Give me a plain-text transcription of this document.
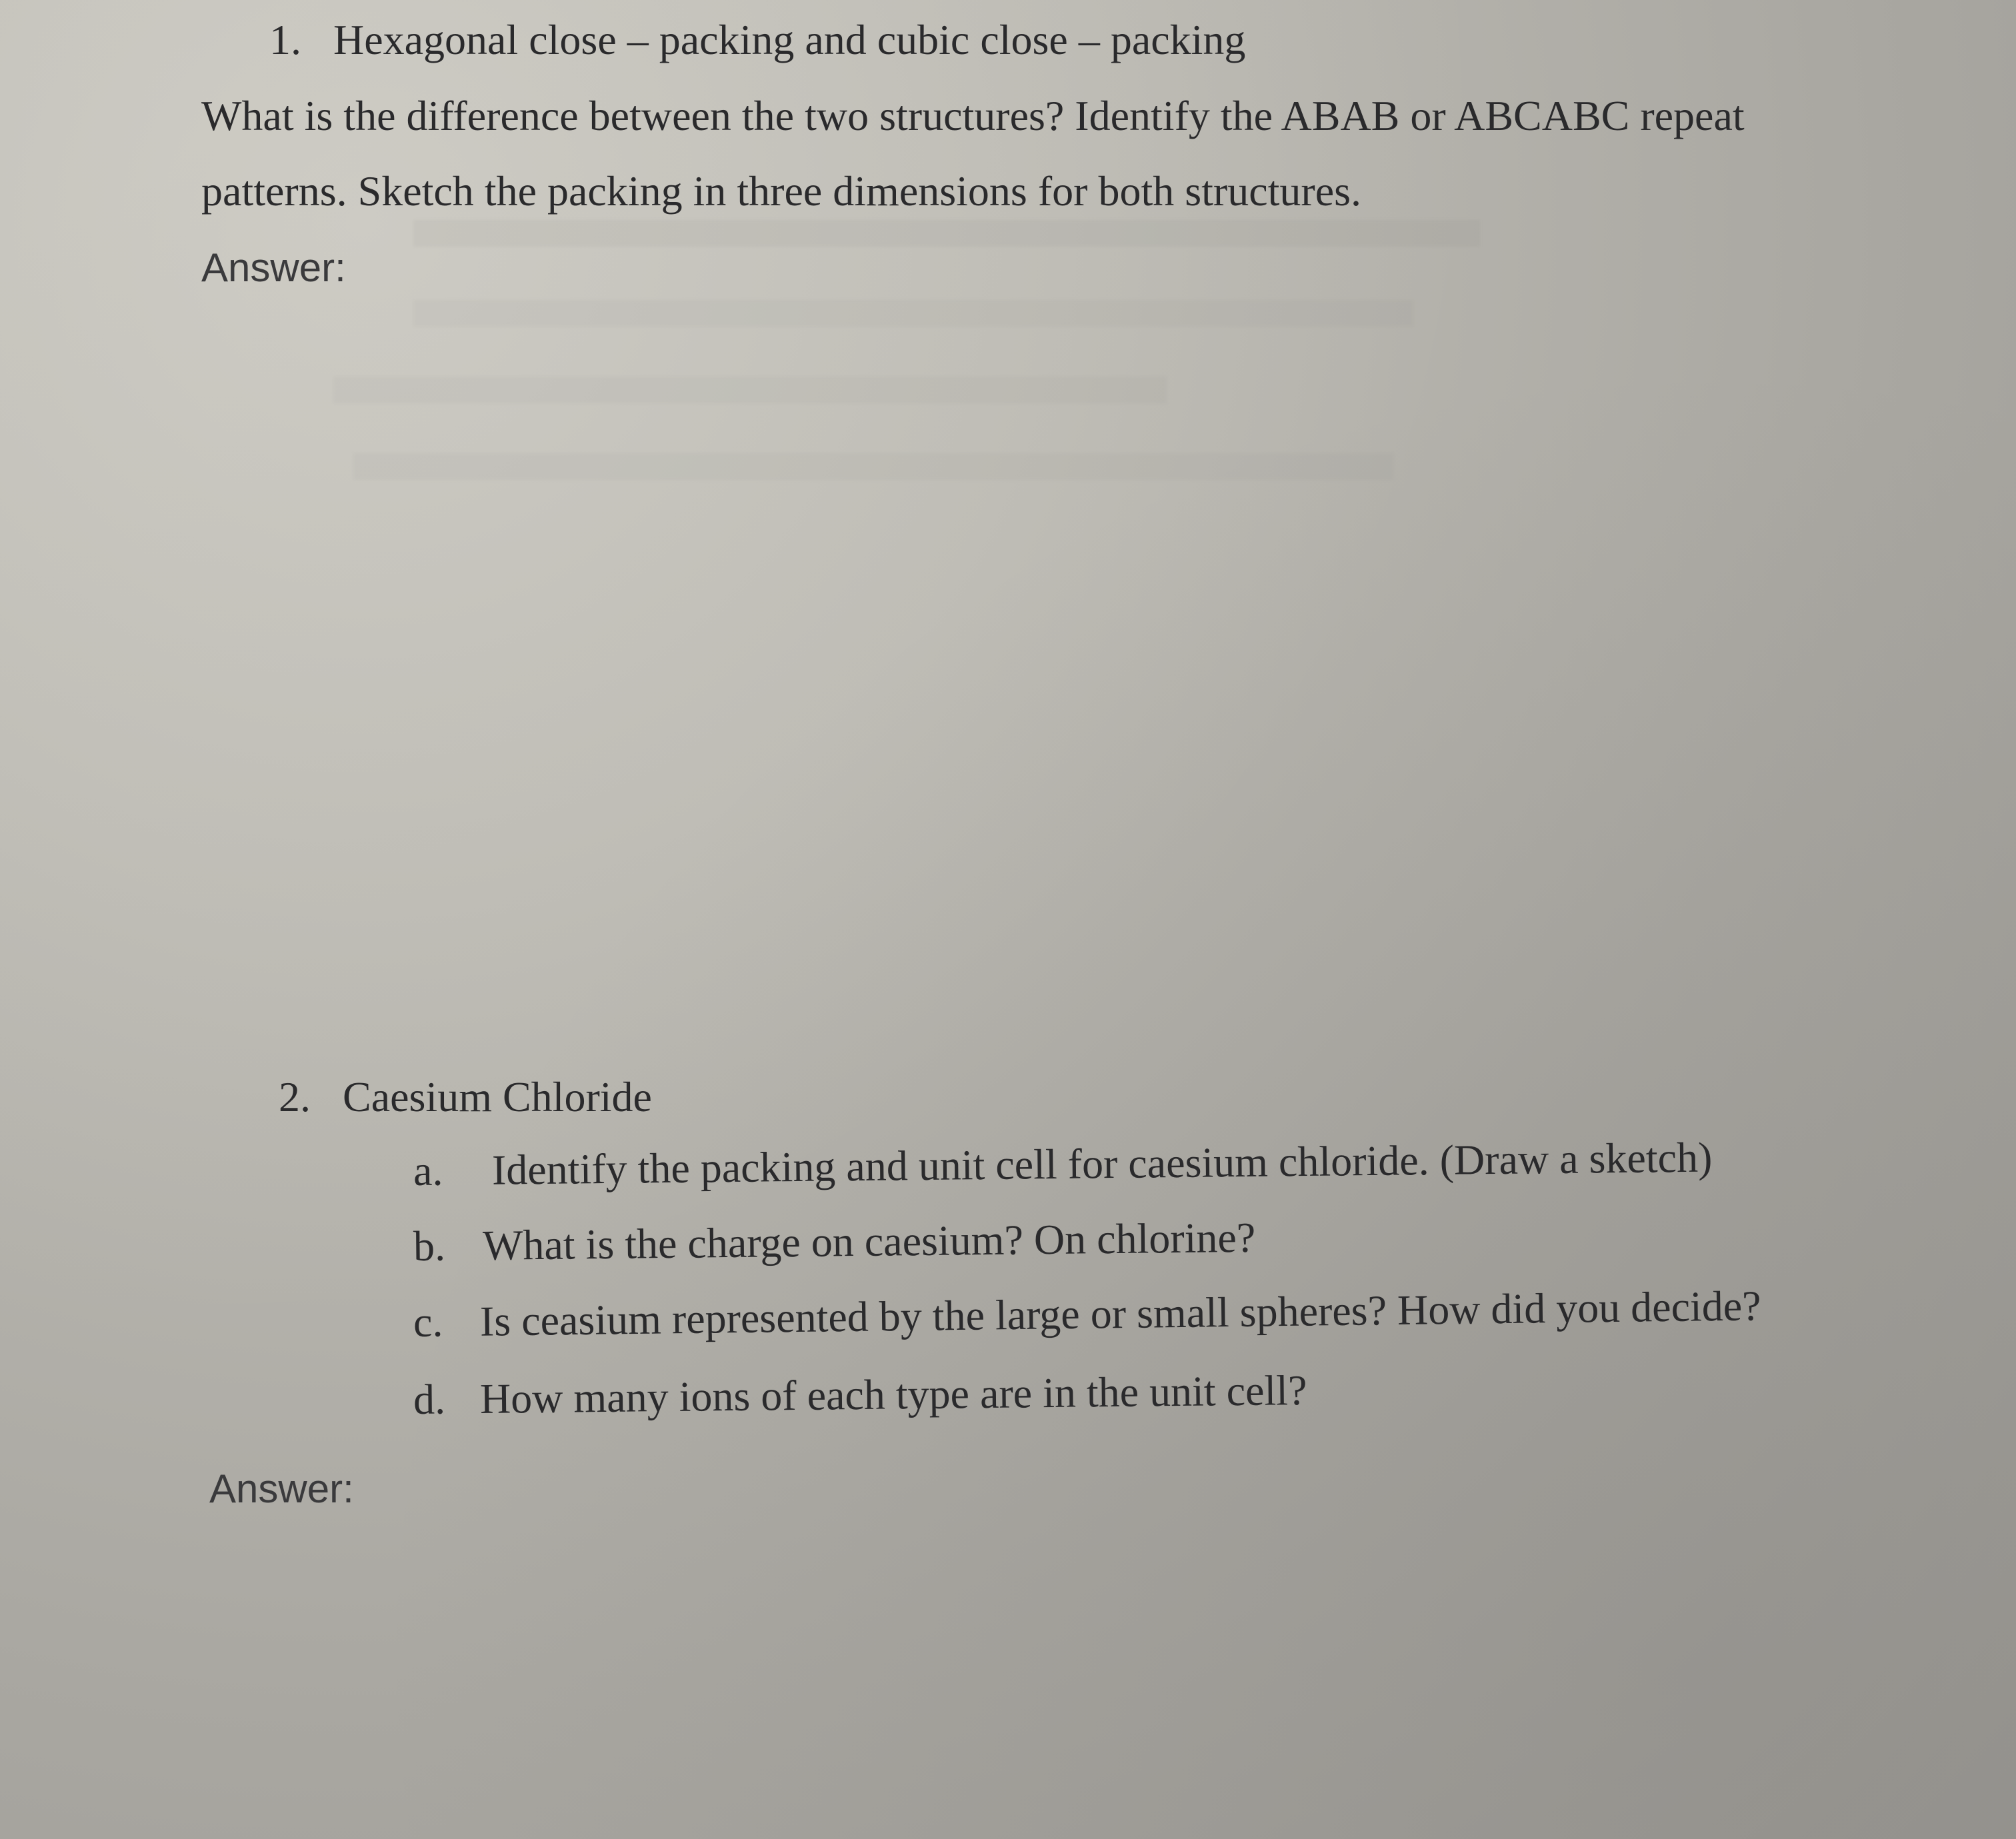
1. Hexagonal close – packing and cubic close – packing
What is the difference between the two structures? Identify the ABAB or ABCABC repeat
patterns. Sketch the packing in three dimensions for both structures.
Answer:
2. Caesium Chloride
a. Identify the packing and unit cell for caesium chloride. (Draw a sketch)
b. What is the charge on caesium? On chlorine?
c. Is ceasium represented by the large or small spheres? How did you decide?
d. How many ions of each type are in the unit cell?
Answer:
